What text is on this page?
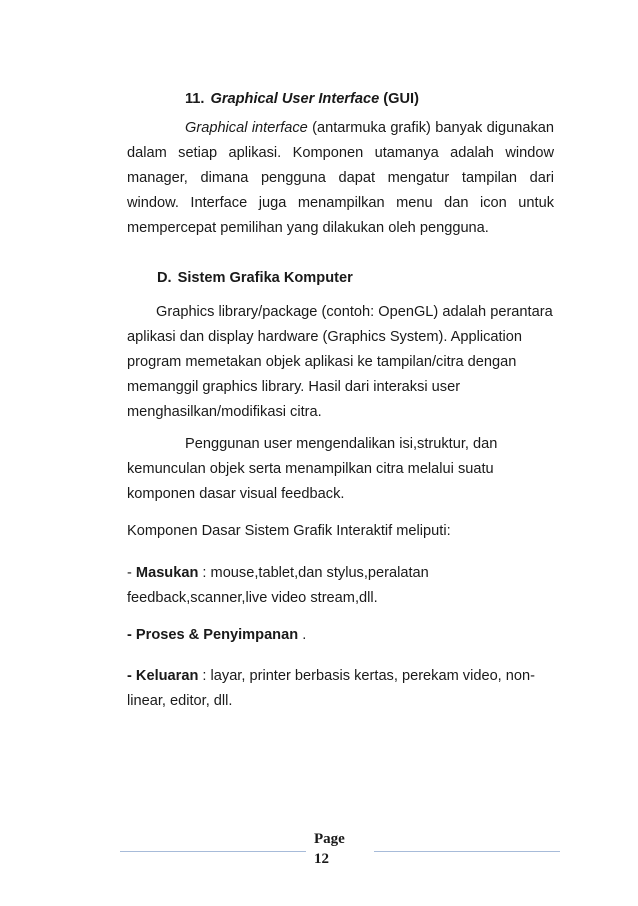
11. Graphical User Interface (GUI)

Graphical interface (antarmuka grafik) banyak digunakan dalam setiap aplikasi. Komponen utamanya adalah window manager, dimana pengguna dapat mengatur tampilan dari window. Interface juga menampilkan menu dan icon untuk mempercepat pemilihan yang dilakukan oleh pengguna.

D. Sistem Grafika Komputer

Graphics library/package (contoh: OpenGL) adalah perantara aplikasi dan display hardware (Graphics System). Application program memetakan objek aplikasi ke tampilan/citra dengan memanggil graphics library. Hasil dari interaksi user menghasilkan/modifikasi citra.

Penggunan user mengendalikan isi,struktur, dan kemunculan objek serta menampilkan citra melalui suatu komponen dasar visual feedback.

Komponen Dasar Sistem Grafik Interaktif meliputi:

- Masukan : mouse,tablet,dan stylus,peralatan feedback,scanner,live video stream,dll.

- Proses & Penyimpanan .

- Keluaran : layar, printer berbasis kertas, perekam video, non-linear, editor, dll.

Page
12
